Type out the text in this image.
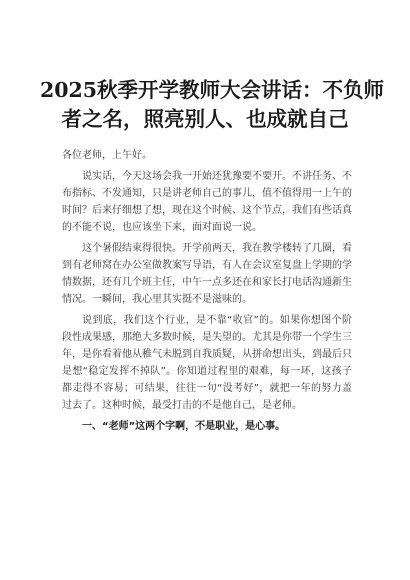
2025秋季开学教师大会讲话：不负师
者之名，照亮别人、也成就自己

各位老师，上午好。

说实话，今天这场会我一开始还犹豫要不要开。不讲任务、不布指标、不发通知，只是讲老师自己的事儿，值不值得用一上午的时间？后来仔细想了想，现在这个时候、这个节点，我们有些话真的不能不说，也应该坐下来，面对面说一说。

这个暑假结束得很快。开学前两天，我在教学楼转了几圈，看到有老师窝在办公室做教案写导语，有人在会议室复盘上学期的学情数据，还有几个班主任，中午一点多还在和家长打电话沟通新生情况。一瞬间，我心里其实挺不是滋味的。

说到底，我们这个行业，是不靠“收官”的。如果你想图个阶段性成果感，那绝大多数时候，是失望的。尤其是你带一个学生三年，是你看着他从稚气未脱到自我质疑，从拼命想出头，到最后只是想“稳定发挥不掉队”。你知道过程里的艰难，每一环，这孩子都走得不容易；可结果，往往一句“没考好”，就把一年的努力盖过去了。这种时候，最受打击的不是他自己，是老师。

一、“老师”这两个字啊，不是职业，是心事。
